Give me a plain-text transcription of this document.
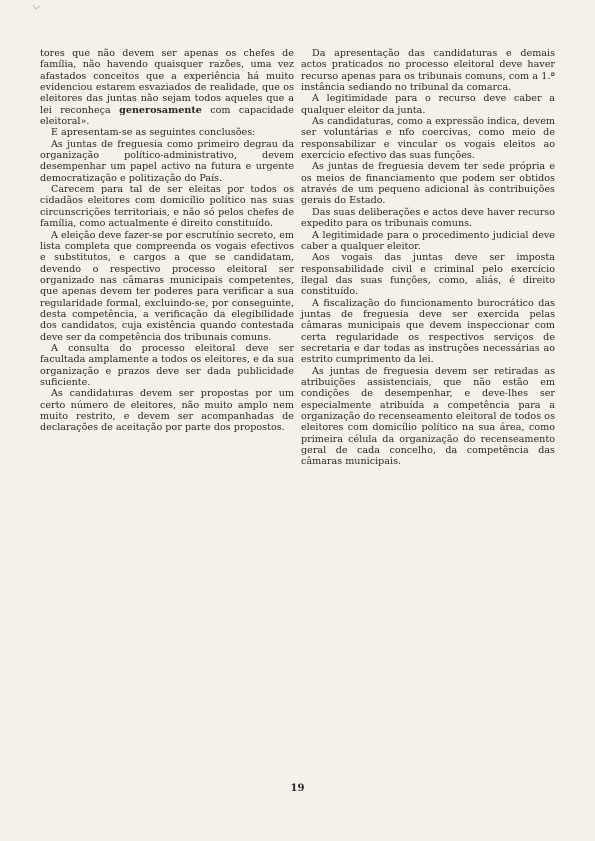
tores que não devem ser apenas os chefes de família, não havendo quaisquer razões, uma vez afastados conceitos que a experiência há muito evidenciou estarem esvaziados de realidade, que os eleitores das juntas não sejam todos aqueles que a lei reconheça generosamente com capacidade eleitoral».

E apresentam-se as seguintes conclusões:

As juntas de freguesia como primeiro degrau da organização político-administrativo, devem desempenhar um papel activo na futura e urgente democratização e politização do País.

Carecem para tal de ser eleitas por todos os cidadãos eleitores com domicílio político nas suas circunscrições territoriais, e não só pelos chefes de família, como actualmente é direito constituído.

A eleição deve fazer-se por escrutínio secreto, em lista completa que compreenda os vogais efectivos e substitutos, e cargos a que se candidatam, devendo o respectivo processo eleitoral ser organizado nas câmaras municipais competentes, que apenas devem ter poderes para verificar a sua regularidade formal, excluindo-se, por conseguinte, desta competência, a verificação da elegibilidade dos candidatos, cuja existência quando contestada deve ser da competência dos tribunais comuns.

A consulta do processo eleitoral deve ser facultada amplamente a todos os eleitores, e da sua organização e prazos deve ser dada publicidade suficiente.

As candidaturas devem ser propostas por um certo número de eleitores, não muito amplo nem muito restrito, e devem ser acompanhadas de declarações de aceitação por parte dos propostos.

Da apresentação das candidaturas e demais actos praticados no processo eleitoral deve haver recurso apenas para os tribunais comuns, com a 1.ª instância sediando no tribunal da comarca.

A legitimidade para o recurso deve caber a qualquer eleitor da junta.

As candidaturas, como a expressão indica, devem ser voluntárias e nfo coercivas, como meio de responsabilizar e vincular os vogais eleitos ao exercício efectivo das suas funções.

As juntas de freguesia devem ter sede própria e os meios de financiamento que podem ser obtidos através de um pequeno adicional às contribuições gerais do Estado.

Das suas deliberações e actos deve haver recurso expedito para os tribunais comuns.

A legitimidade para o procedimento judicial deve caber a qualquer eleitor.

Aos vogais das juntas deve ser imposta responsabilidade civil e criminal pelo exercício ilegal das suas funções, como, aliás, é direito constituído.

A fiscalização do funcionamento burocrático das juntas de freguesia deve ser exercida pelas câmaras municipais que devem inspeccionar com certa regularidade os respectivos serviços de secretaria e dar todas as instruções necessárias ao estrito cumprimento da lei.

As juntas de freguesia devem ser retiradas as atribuições assistenciais, que não estão em condições de desempenhar, e deve-lhes ser especialmente atribuída a competência para a organização do recenseamento eleitoral de todos os eleitores com domicílio político na sua área, como primeira célula da organização do recenseamento geral de cada concelho, da competência das câmaras municipais.

19
